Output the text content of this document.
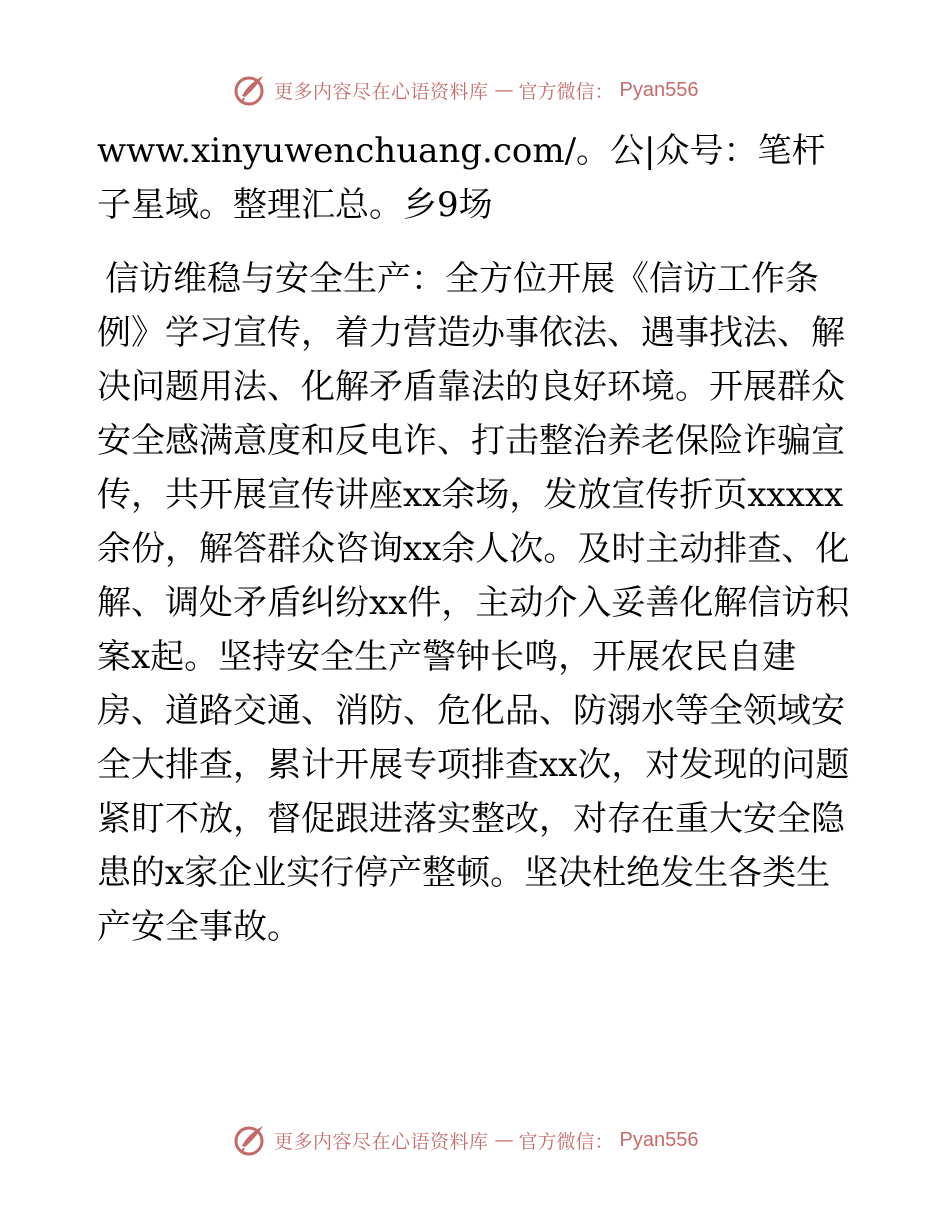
更多内容尽在心语资料库 — 官方微信： Pyan556

www.xinyuwenchuang.com/。公|众号：笔杆子星域。整理汇总。乡9场

信访维稳与安全生产：全方位开展《信访工作条例》学习宣传，着力营造办事依法、遇事找法、解决问题用法、化解矛盾靠法的良好环境。开展群众安全感满意度和反电诈、打击整治养老保险诈骗宣传，共开展宣传讲座xx余场，发放宣传折页xxxxx余份，解答群众咨询xx余人次。及时主动排查、化解、调处矛盾纠纷xx件，主动介入妥善化解信访积案x起。坚持安全生产警钟长鸣，开展农民自建房、道路交通、消防、危化品、防溺水等全领域安全大排查，累计开展专项排查xx次，对发现的问题紧盯不放，督促跟进落实整改，对存在重大安全隐患的x家企业实行停产整顿。坚决杜绝发生各类生产安全事故。

更多内容尽在心语资料库 — 官方微信： Pyan556
